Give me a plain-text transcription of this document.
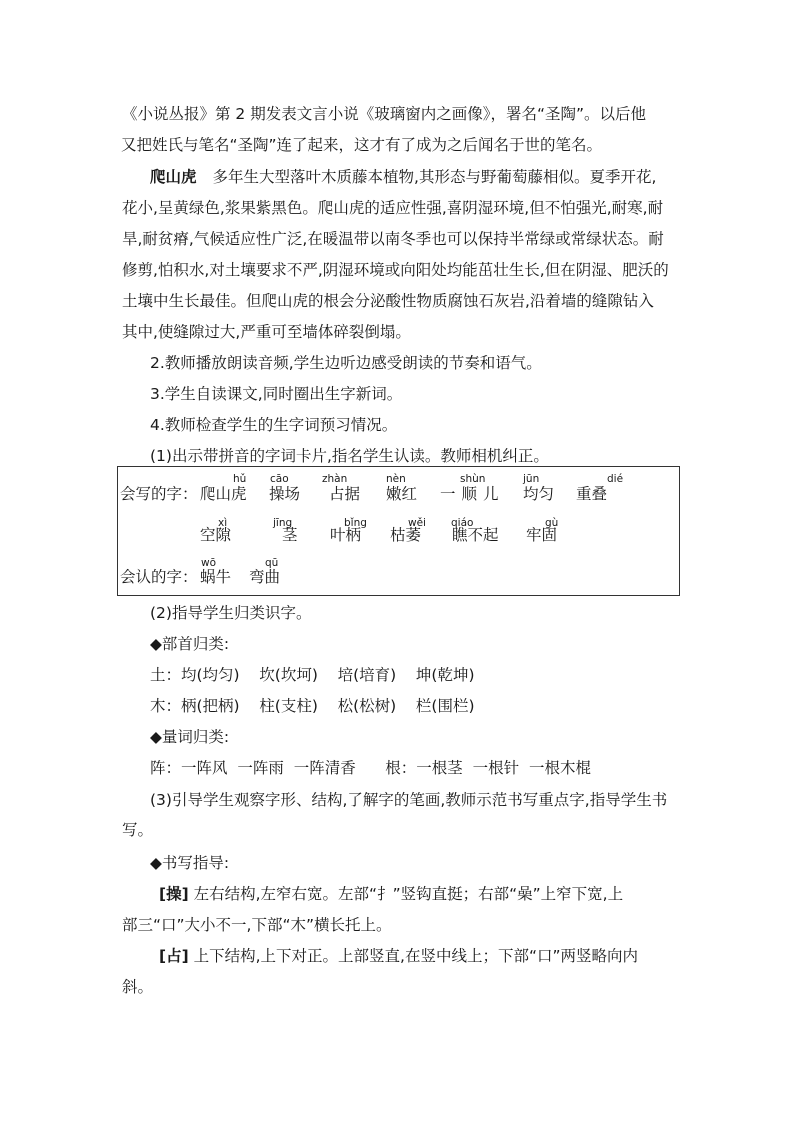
《小说丛报》第 2 期发表文言小说《玻璃窗内之画像》，署名“圣陶”。以后他
又把姓氏与笔名“圣陶”连了起来，这才有了成为之后闻名于世的笔名。
爬山虎 多年生大型落叶木质藤本植物,其形态与野葡萄藤相似。夏季开花,
花小,呈黄绿色,浆果紫黑色。爬山虎的适应性强,喜阴湿环境,但不怕强光,耐寒,耐
旱,耐贫瘠,气候适应性广泛,在暖温带以南冬季也可以保持半常绿或常绿状态。耐
修剪,怕积水,对土壤要求不严,阴湿环境或向阳处均能茁壮生长,但在阴湿、肥沃的
土壤中生长最佳。但爬山虎的根会分泌酸性物质腐蚀石灰岩,沿着墙的缝隙钻入
其中,使缝隙过大,严重可至墙体碎裂倒塌。
2.教师播放朗读音频,学生边听边感受朗读的节奏和语气。
3.学生自读课文,同时圈出生字新词。
4.教师检查学生的生字词预习情况。
(1)出示带拼音的字词卡片,指名学生认读。教师相机纠正。
会写的字：
会认的字：
hǔ
爬山虎
cāo
操场
zhàn
占据
nèn
嫩红
shùn
一顺儿
jūn
均匀
dié
重叠
xì
空隙
jīng
茎
bǐng
叶柄
wěi
枯萎
qiáo
瞧不起
gù
牢固
wō
蜗牛
qū
弯曲
(2)指导学生归类识字。
◆部首归类:
土：均(均匀)    坎(坎坷)    培(培育)    坤(乾坤)
木：柄(把柄)    柱(支柱)    松(松树)    栏(围栏)
◆量词归类:
阵：一阵风  一阵雨  一阵清香      根：一根茎  一根针  一根木棍
(3)引导学生观察字形、结构,了解字的笔画,教师示范书写重点字,指导学生书
写。
◆书写指导:
[操] 左右结构,左窄右宽。左部“扌”竖钩直挺；右部“喿”上窄下宽,上
部三“口”大小不一,下部“木”横长托上。
[占] 上下结构,上下对正。上部竖直,在竖中线上；下部“口”两竖略向内
斜。
